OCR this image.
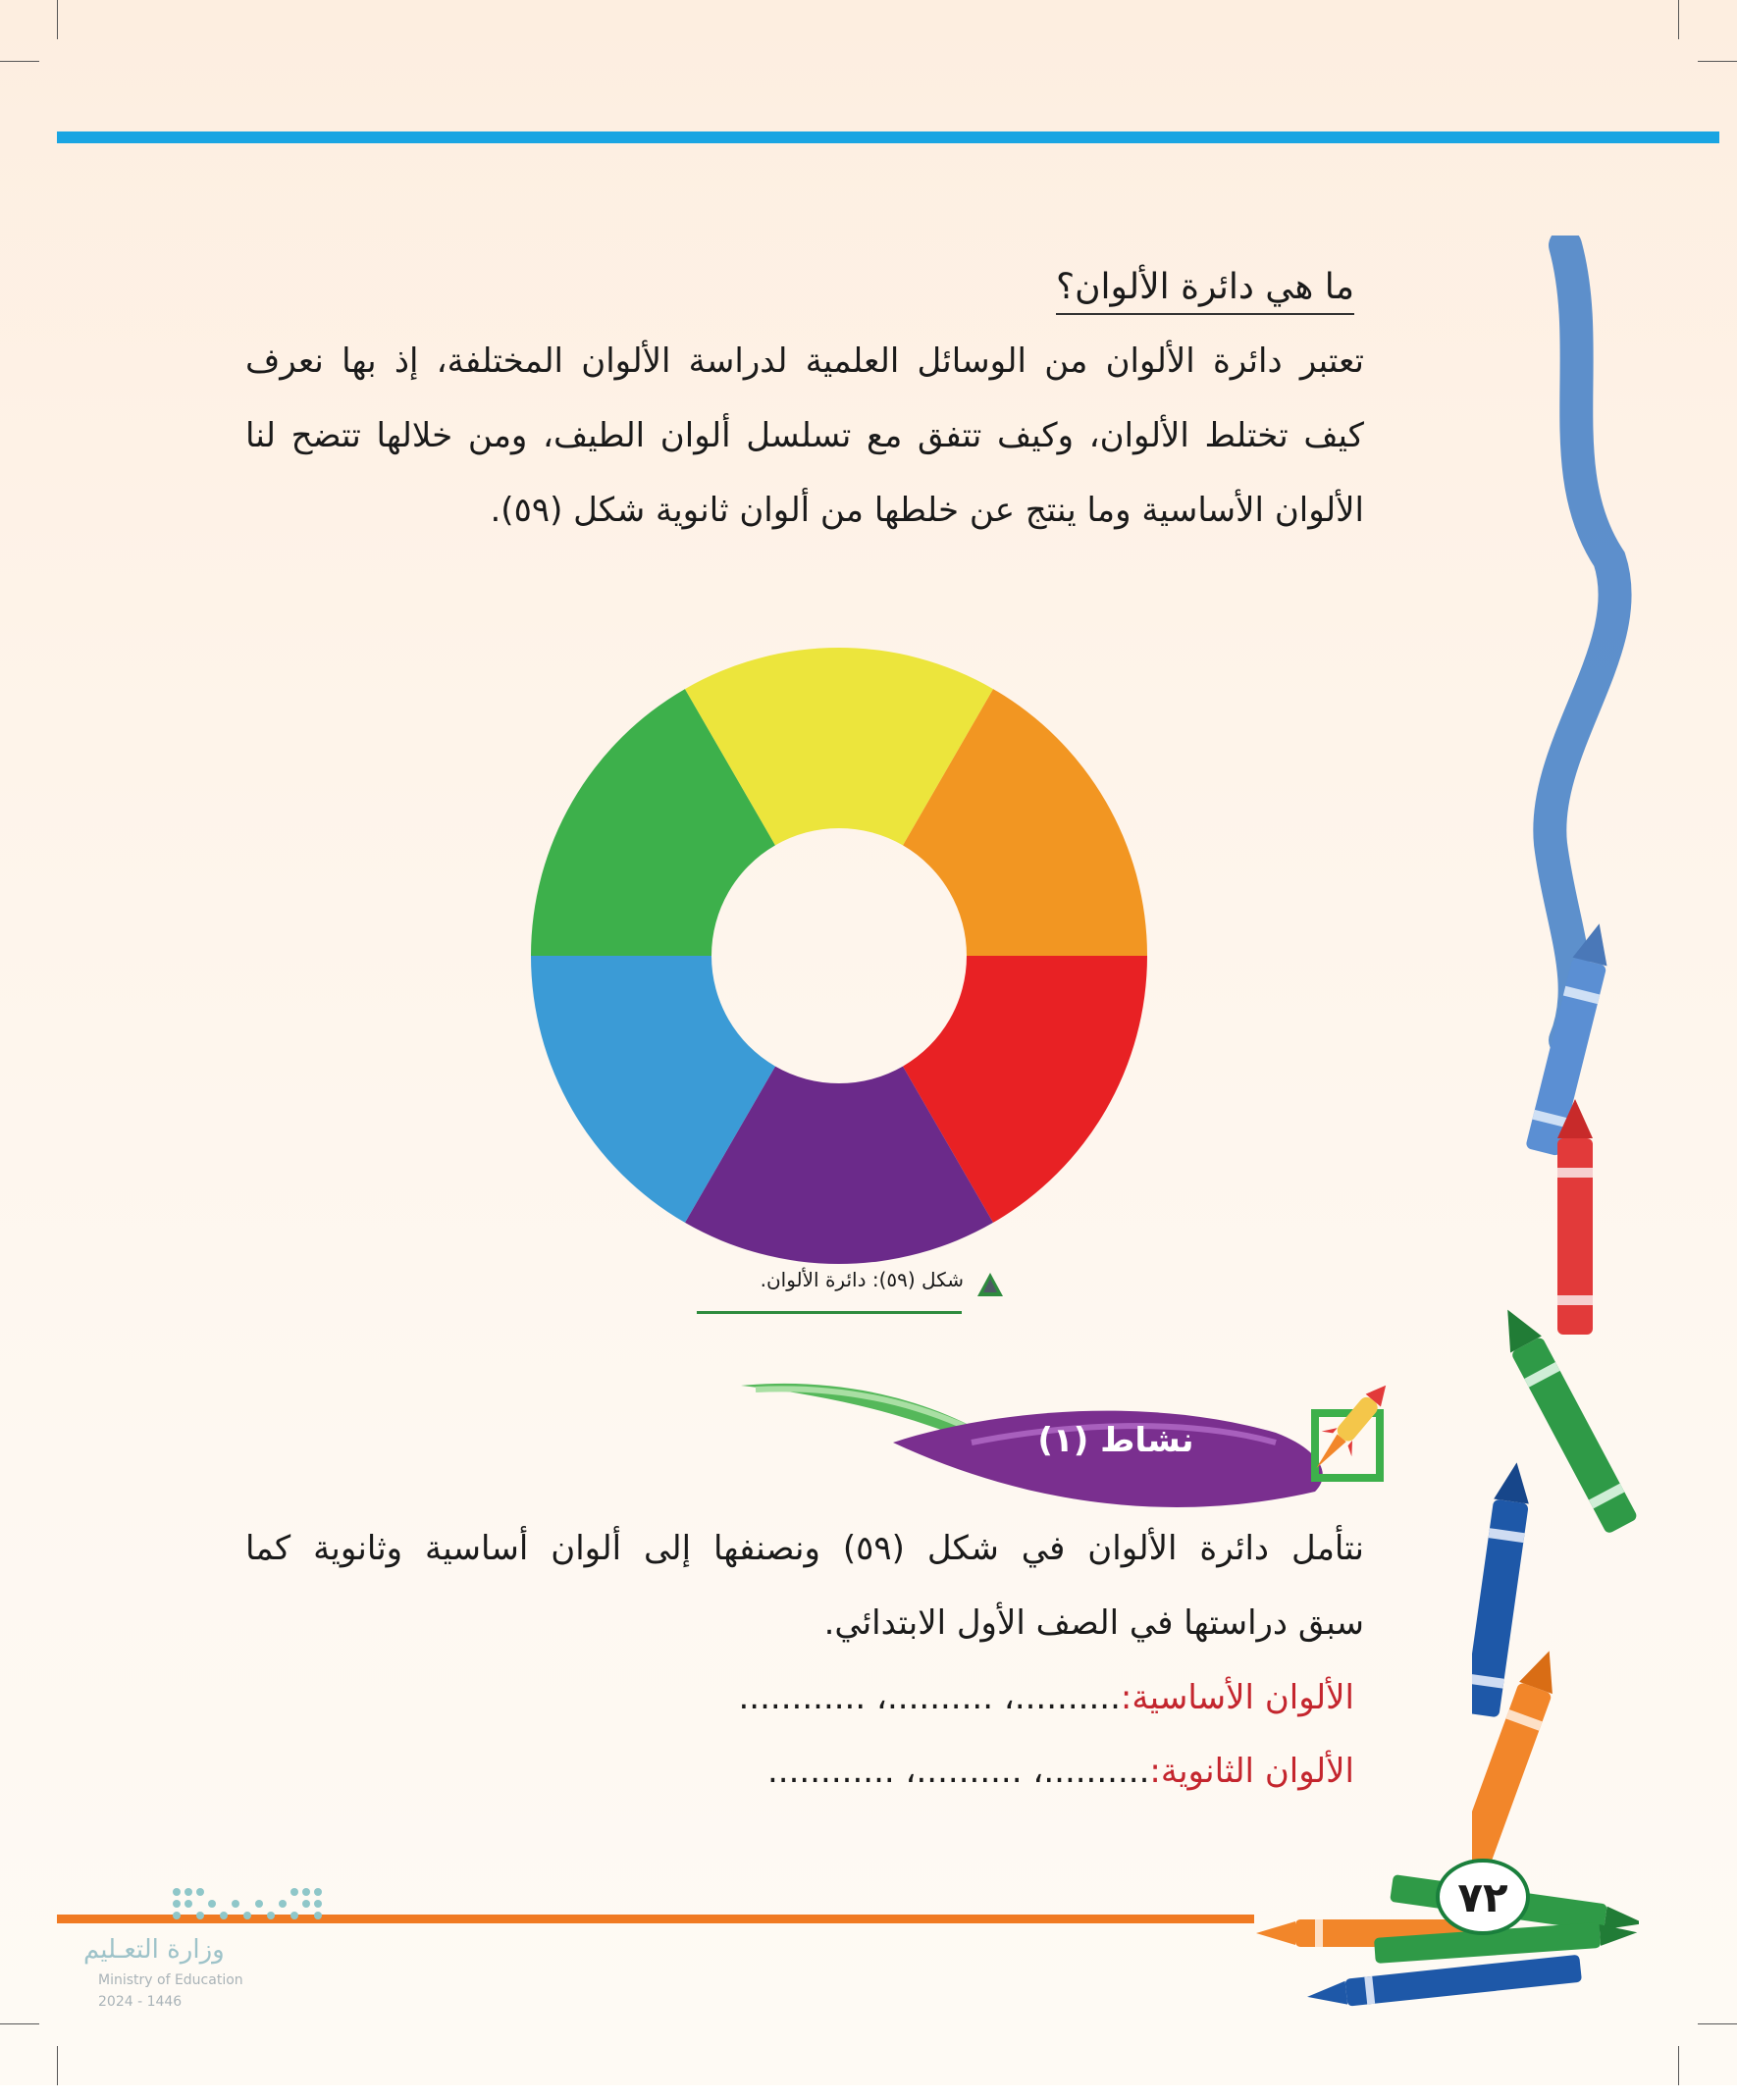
ما هي دائرة الألوان؟
تعتبر دائرة الألوان من الوسائل العلمية لدراسة الألوان المختلفة، إذ بها نعرف
كيف تختلط الألوان، وكيف تتفق مع تسلسل ألوان الطيف، ومن خلالها تتضح لنا
الألوان الأساسية وما ينتج عن خلطها من ألوان ثانوية شكل (٥٩).
شكل (٥٩): دائرة الألوان.
نشاط (١)
نتأمل دائرة الألوان في شكل (٥٩) ونصنفها إلى ألوان أساسية وثانوية كما
سبق دراستها في الصف الأول الابتدائي.
الألوان الأساسية:..........، ..........، ............
الألوان الثانوية:..........، ..........، ............
٧٢
وزارة التعـليم
Ministry of Education
2024 - 1446
